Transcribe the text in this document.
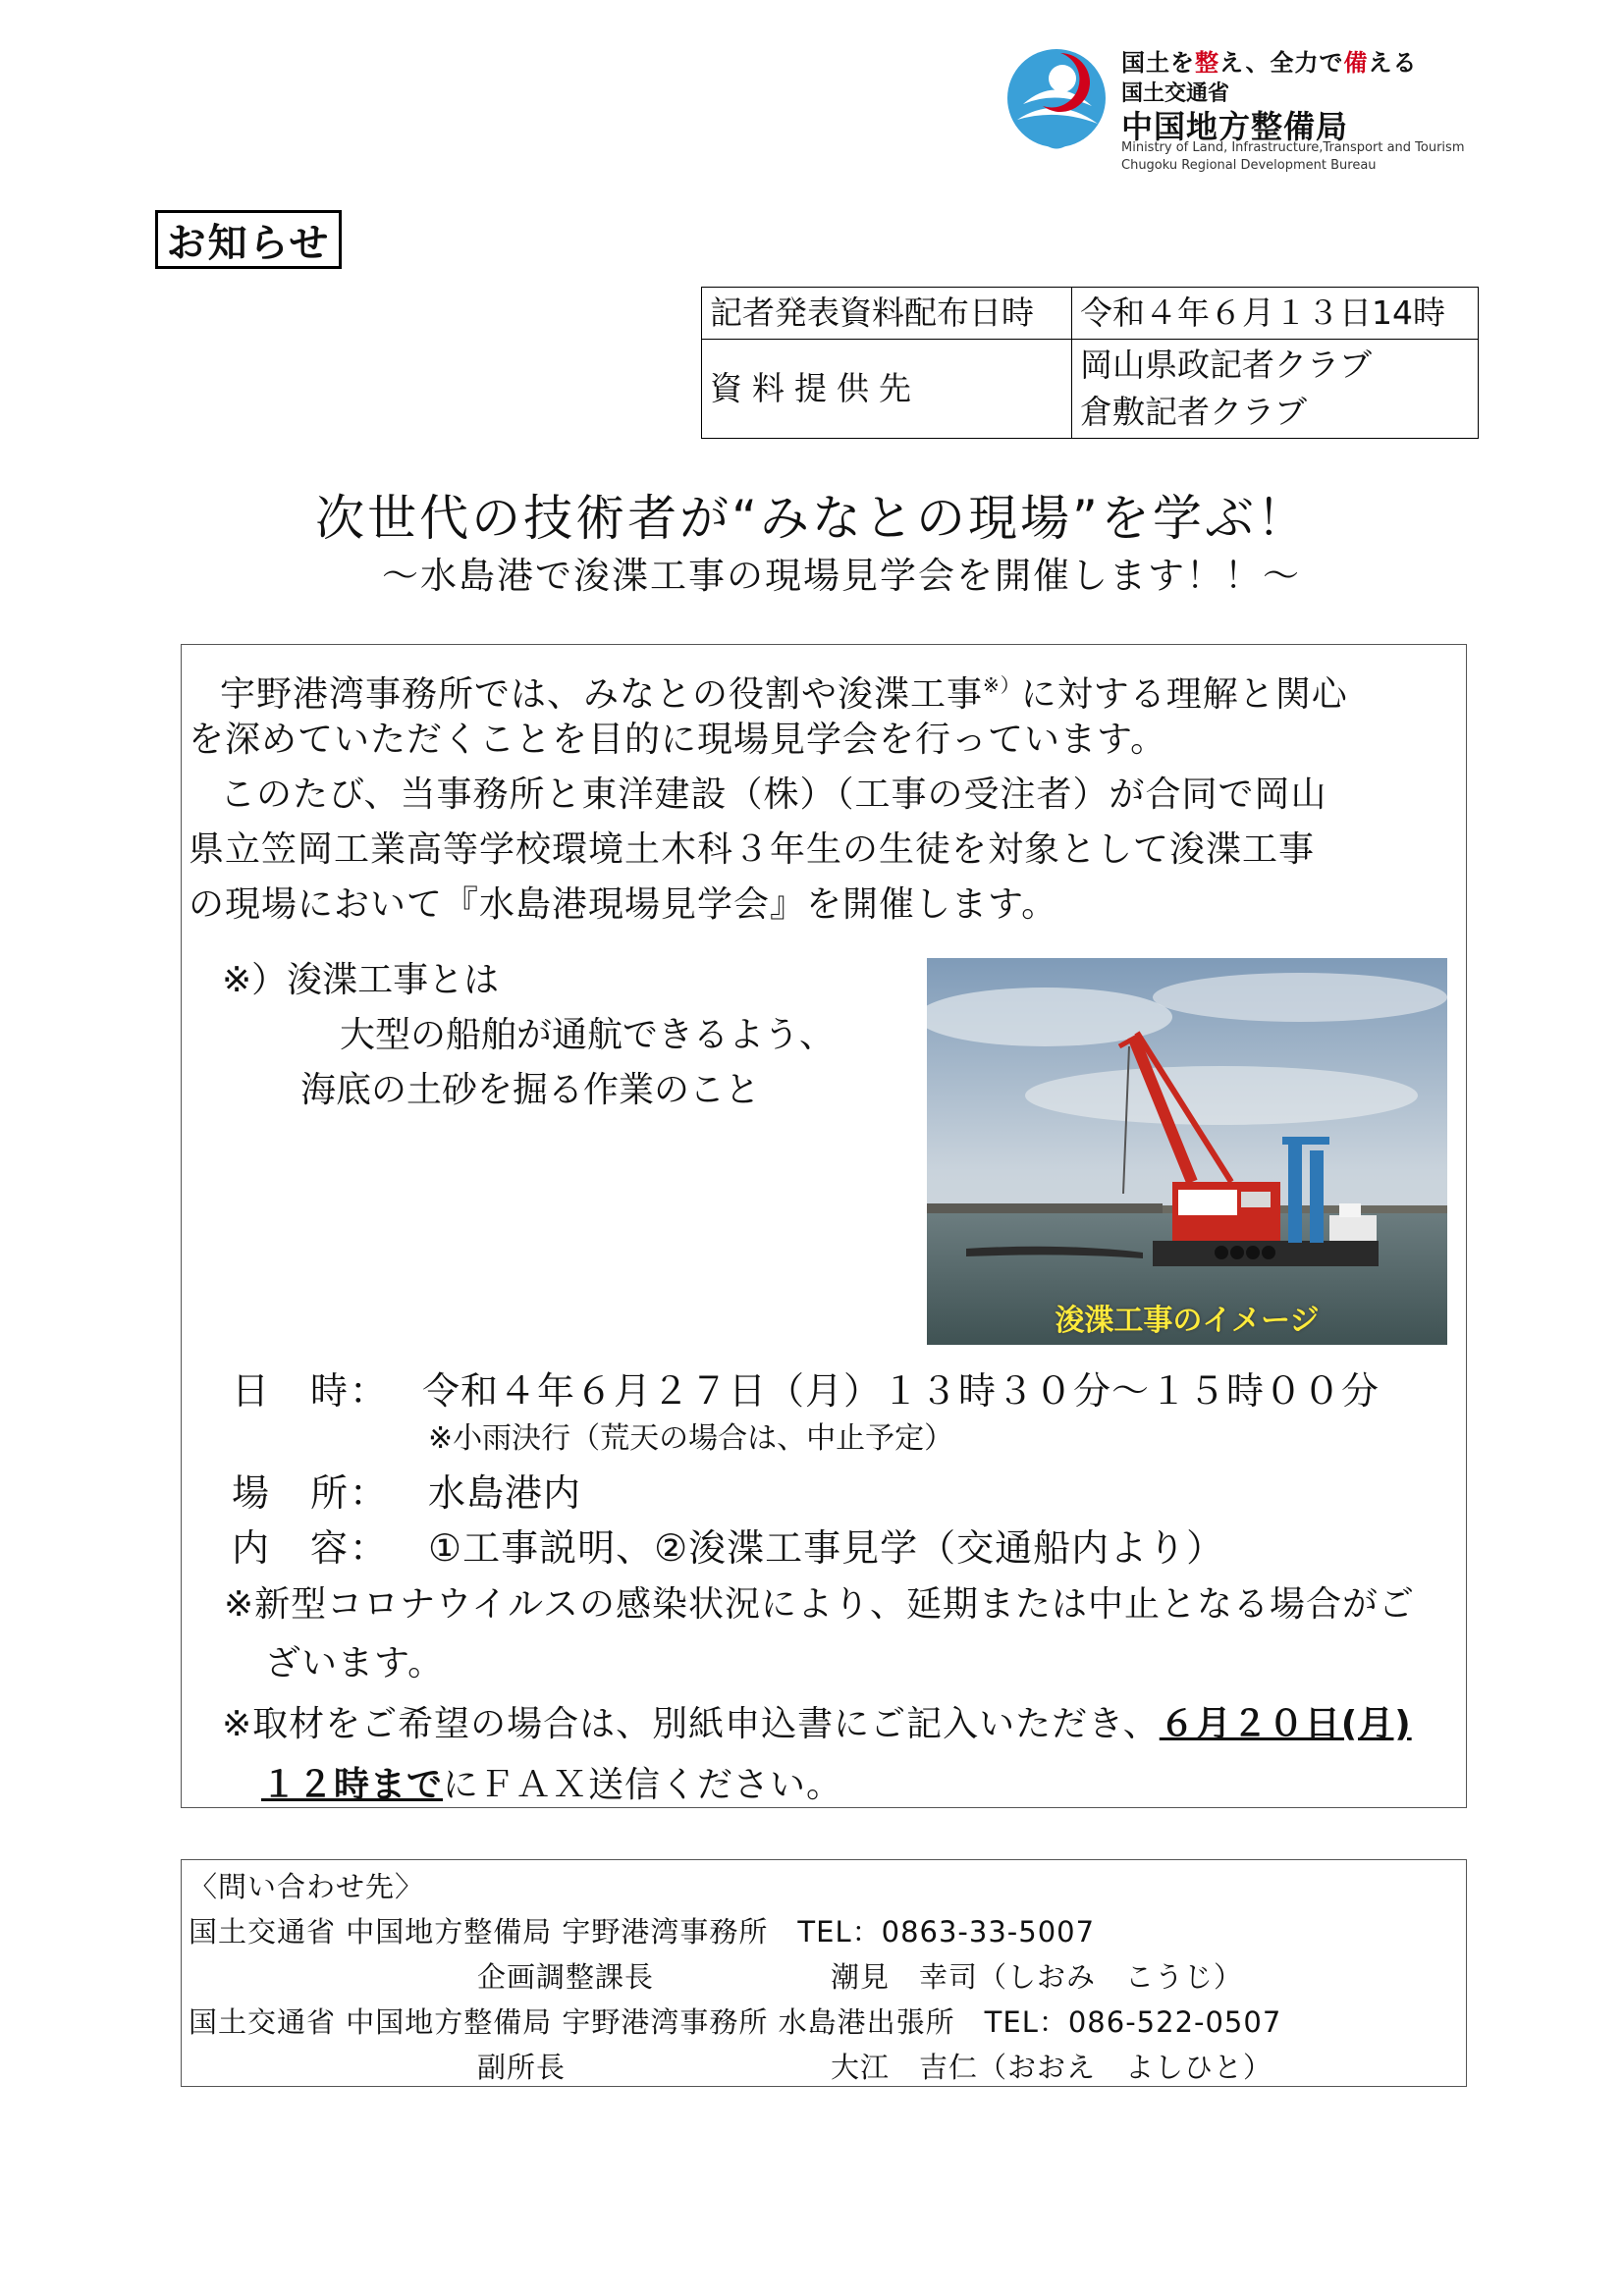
国土を整え、全力で備える
国土交通省
中国地方整備局
Ministry of Land, Infrastructure,Transport and Tourism
Chugoku Regional Development Bureau
お知らせ
記者発表資料配布日時	令和４年６月１３日14時
資料提供先	岡山県政記者クラブ
倉敷記者クラブ
次世代の技術者が“みなとの現場”を学ぶ！
～水島港で浚渫工事の現場見学会を開催します！！～
宇野港湾事務所では、みなとの役割や浚渫工事※）に対する理解と関心
を深めていただくことを目的に現場見学会を行っています。
このたび、当事務所と東洋建設（株）（工事の受注者）が合同で岡山
県立笠岡工業高等学校環境土木科３年生の生徒を対象として浚渫工事
の現場において『水島港現場見学会』を開催します。
※）浚渫工事とは
大型の船舶が通航できるよう、
海底の土砂を掘る作業のこと
浚渫工事のイメージ
日　時： 令和４年６月２７日（月）１３時３０分～１５時００分
※小雨決行（荒天の場合は、中止予定）
場　所： 水島港内
内　容： ①工事説明、②浚渫工事見学（交通船内より）
※新型コロナウイルスの感染状況により、延期または中止となる場合がご
ざいます。
※取材をご希望の場合は、別紙申込書にご記入いただき、６月２０日(月)
１２時までにＦＡＸ送信ください。
〈問い合わせ先〉
国土交通省 中国地方整備局 宇野港湾事務所　TEL：0863-33-5007
企画調整課長	潮見　幸司（しおみ　こうじ）
国土交通省 中国地方整備局 宇野港湾事務所 水島港出張所　TEL：086-522-0507
副所長	大江　吉仁（おおえ　よしひと）
